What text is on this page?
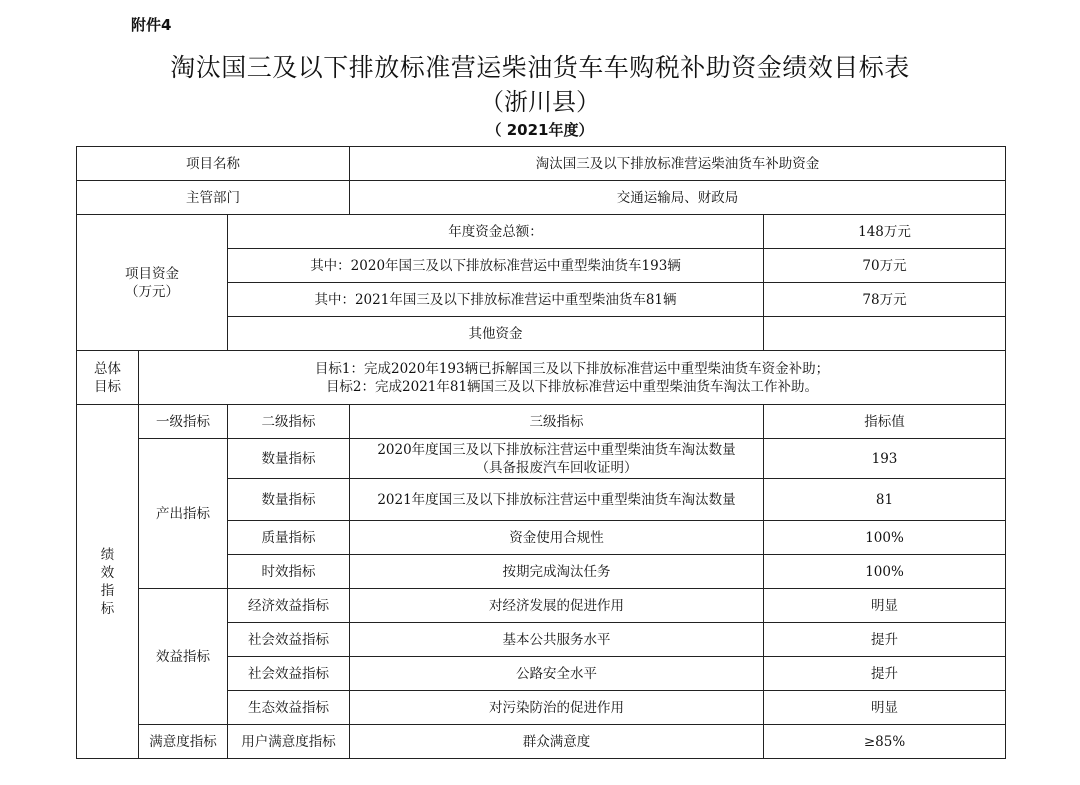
附件4
淘汰国三及以下排放标准营运柴油货车车购税补助资金绩效目标表
（浙川县）
（ 2021年度）
项目名称			淘汰国三及以下排放标准营运柴油货车补助资金	
主管部门			交通运输局、财政局	

项目资金
（万元）		年度资金总额：		148万元
		其中：2020年国三及以下排放标准营运中重型柴油货车193辆		70万元
		其中：2021年国三及以下排放标准营运中重型柴油货车81辆		78万元
		其他资金		

总体
目标	目标1：完成2020年193辆已拆解国三及以下排放标准营运中重型柴油货车资金补助；
目标2：完成2021年81辆国三及以下排放标准营运中重型柴油货车淘汰工作补助。			

绩
效
指
标	一级指标	二级指标	三级指标	指标值
	产出指标	数量指标	2020年度国三及以下排放标注营运中重型柴油货车淘汰数量
（具备报废汽车回收证明）	193
		数量指标	2021年度国三及以下排放标注营运中重型柴油货车淘汰数量	81
		质量指标	资金使用合规性	100%
		时效指标	按期完成淘汰任务	100%
	效益指标	经济效益指标	对经济发展的促进作用	明显
		社会效益指标	基本公共服务水平	提升
		社会效益指标	公路安全水平	提升
		生态效益指标	对污染防治的促进作用	明显
	满意度指标	用户满意度指标	群众满意度	≥85%
